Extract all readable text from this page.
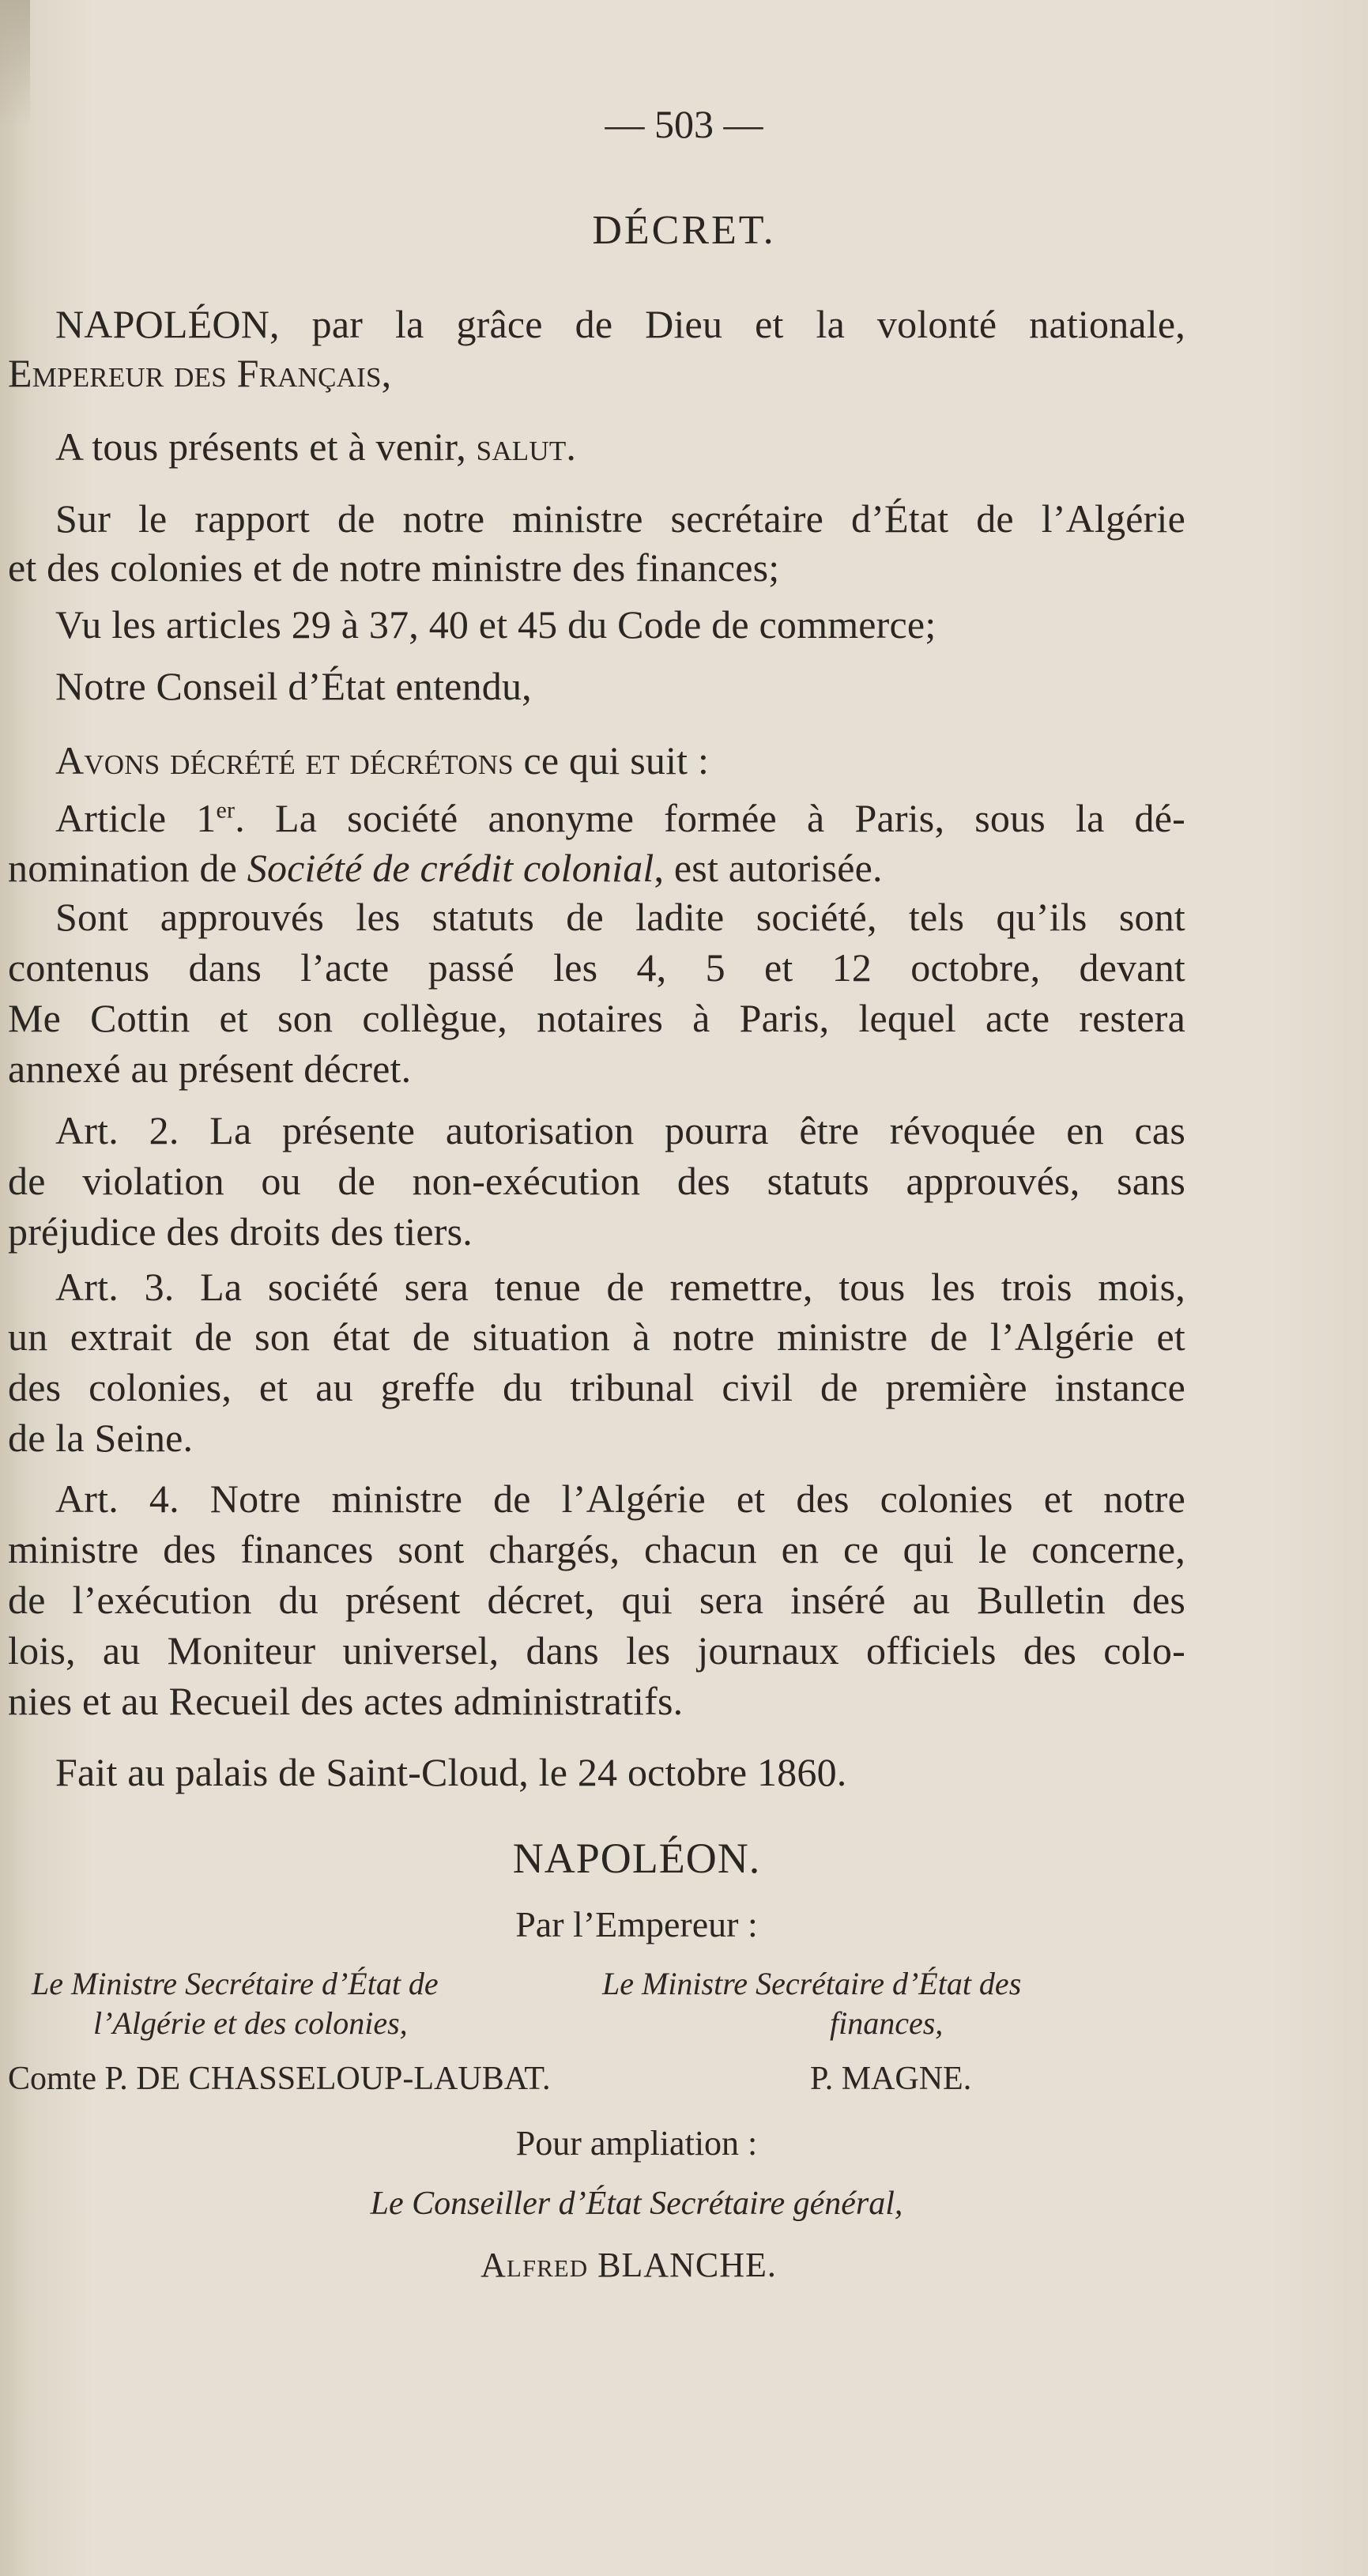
— 503 —
DÉCRET.
NAPOLÉON, par la grâce de Dieu et la volonté nationale,
Empereur des Français,
A tous présents et à venir, salut.
Sur le rapport de notre ministre secrétaire d’État de l’Algérie
et des colonies et de notre ministre des finances;
Vu les articles 29 à 37, 40 et 45 du Code de commerce;
Notre Conseil d’État entendu,
Avons décrété et décrétons ce qui suit :
Article 1er. La société anonyme formée à Paris, sous la dé-
nomination de Société de crédit colonial, est autorisée.
Sont approuvés les statuts de ladite société, tels qu’ils sont
contenus dans l’acte passé les 4, 5 et 12 octobre, devant
Me Cottin et son collègue, notaires à Paris, lequel acte restera
annexé au présent décret.
Art. 2. La présente autorisation pourra être révoquée en cas
de violation ou de non-exécution des statuts approuvés, sans
préjudice des droits des tiers.
Art. 3. La société sera tenue de remettre, tous les trois mois,
un extrait de son état de situation à notre ministre de l’Algérie et
des colonies, et au greffe du tribunal civil de première instance
de la Seine.
Art. 4. Notre ministre de l’Algérie et des colonies et notre
ministre des finances sont chargés, chacun en ce qui le concerne,
de l’exécution du présent décret, qui sera inséré au Bulletin des
lois, au Moniteur universel, dans les journaux officiels des colo-
nies et au Recueil des actes administratifs.
Fait au palais de Saint-Cloud, le 24 octobre 1860.
NAPOLÉON.
Par l’Empereur :
Le Ministre Secrétaire d’État de
l’Algérie et des colonies,
Le Ministre Secrétaire d’État des
finances,
Comte P. DE CHASSELOUP-LAUBAT.	P. MAGNE.
Pour ampliation :
Le Conseiller d’État Secrétaire général,
Alfred BLANCHE.
